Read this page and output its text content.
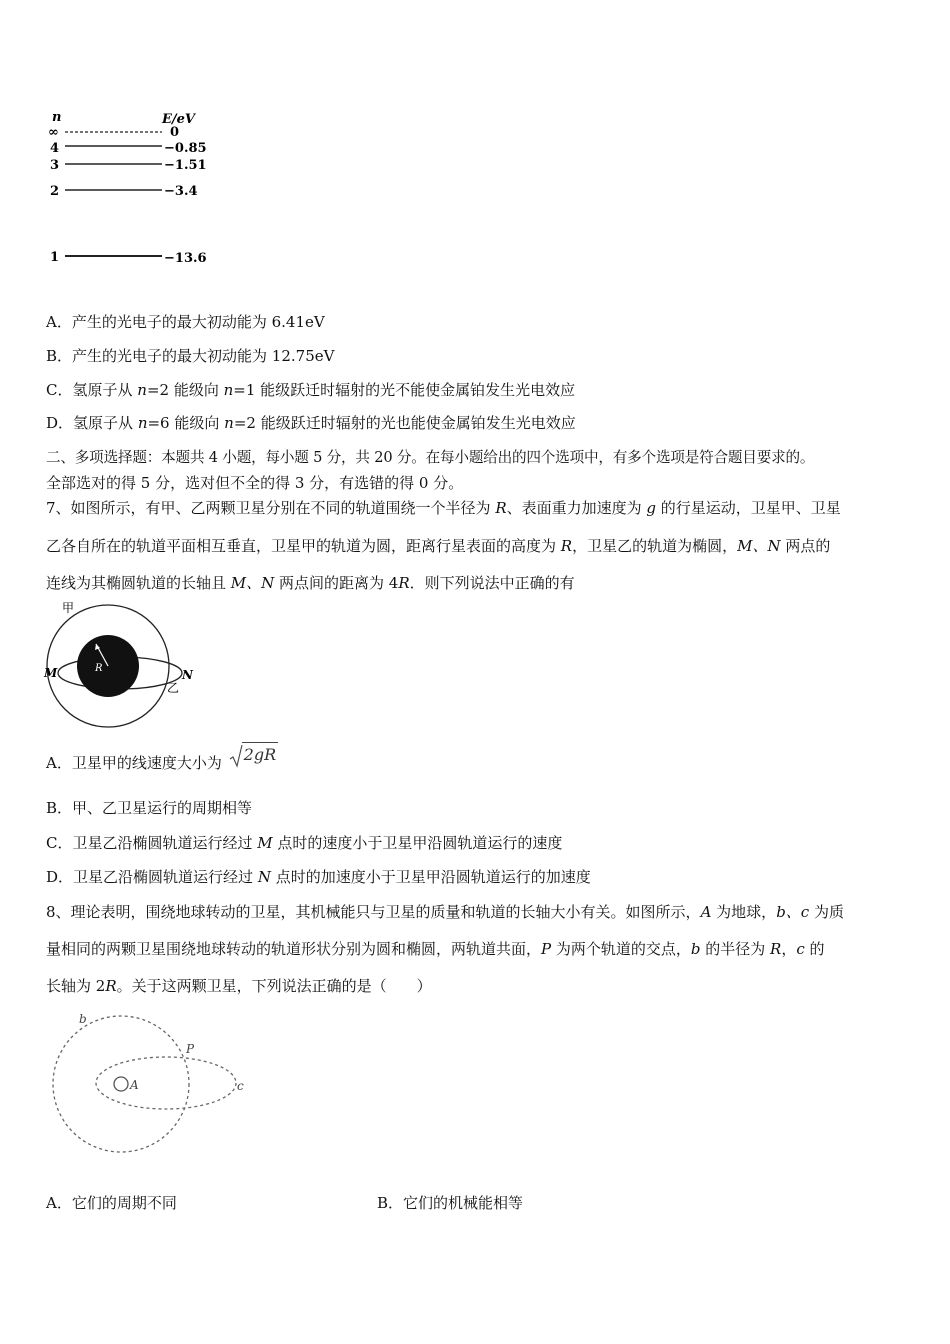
n	E/eV
∞	0
4	−0.85
3	−1.51
2	−3.4
1	−13.6
A．产生的光电子的最大初动能为 6.41eV
B．产生的光电子的最大初动能为 12.75eV
C．氢原子从 n=2 能级向 n=1 能级跃迁时辐射的光不能使金属铂发生光电效应
D．氢原子从 n=6 能级向 n=2 能级跃迁时辐射的光也能使金属铂发生光电效应
二、多项选择题：本题共 4 小题，每小题 5 分，共 20 分。在每小题给出的四个选项中，有多个选项是符合题目要求的。
全部选对的得 5 分，选对但不全的得 3 分，有选错的得 0 分。
7、如图所示，有甲、乙两颗卫星分别在不同的轨道围绕一个半径为 R、表面重力加速度为 g 的行星运动，卫星甲、卫星
乙各自所在的轨道平面相互垂直，卫星甲的轨道为圆，距离行星表面的高度为 R，卫星乙的轨道为椭圆，M、N 两点的
连线为其椭圆轨道的长轴且 M、N 两点间的距离为 4R．则下列说法中正确的有
R
甲
M	N
乙
A．卫星甲的线速度大小为 2gR
B．甲、乙卫星运行的周期相等
C．卫星乙沿椭圆轨道运行经过 M 点时的速度小于卫星甲沿圆轨道运行的速度
D．卫星乙沿椭圆轨道运行经过 N 点时的加速度小于卫星甲沿圆轨道运行的加速度
8、理论表明，围绕地球转动的卫星，其机械能只与卫星的质量和轨道的长轴大小有关。如图所示，A 为地球，b、c 为质
量相同的两颗卫星围绕地球转动的轨道形状分别为圆和椭圆，两轨道共面，P 为两个轨道的交点，b 的半径为 R，c 的
长轴为 2R。关于这两颗卫星，下列说法正确的是（　　）
A
b
P
c
A．它们的周期不同	B．它们的机械能相等
